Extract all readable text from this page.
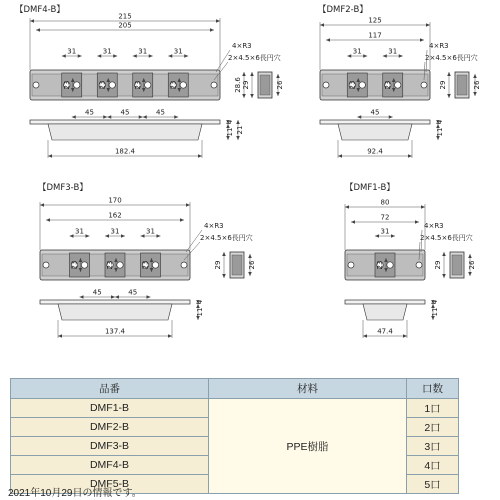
【DMF4-B】
215
205
23	23	23	23
31	31	31	31
45	45	45
29
28.6	26
4×R3
2×4.5×6長円穴
182.4
4
11 21
【DMF2-B】
125
117
23	23
31	31
45
29	26
4×R3
2×4.5×6長円穴
92.4
4
11
【DMF3-B】
170
162
23	23	23
31	31	31
45	45
29	26
4×R3
2×4.5×6長円穴
137.4
4
11
【DMF1-B】
80
72
23
31
29	26
4×R3
2×4.5×6長円穴
47.4
4
11
品番	材料	口数
DMF1-B	PPE樹脂	1口
DMF2-B		2口
DMF3-B		3口
DMF4-B		4口
DMF5-B		5口
2021年10月29日の情報です。
